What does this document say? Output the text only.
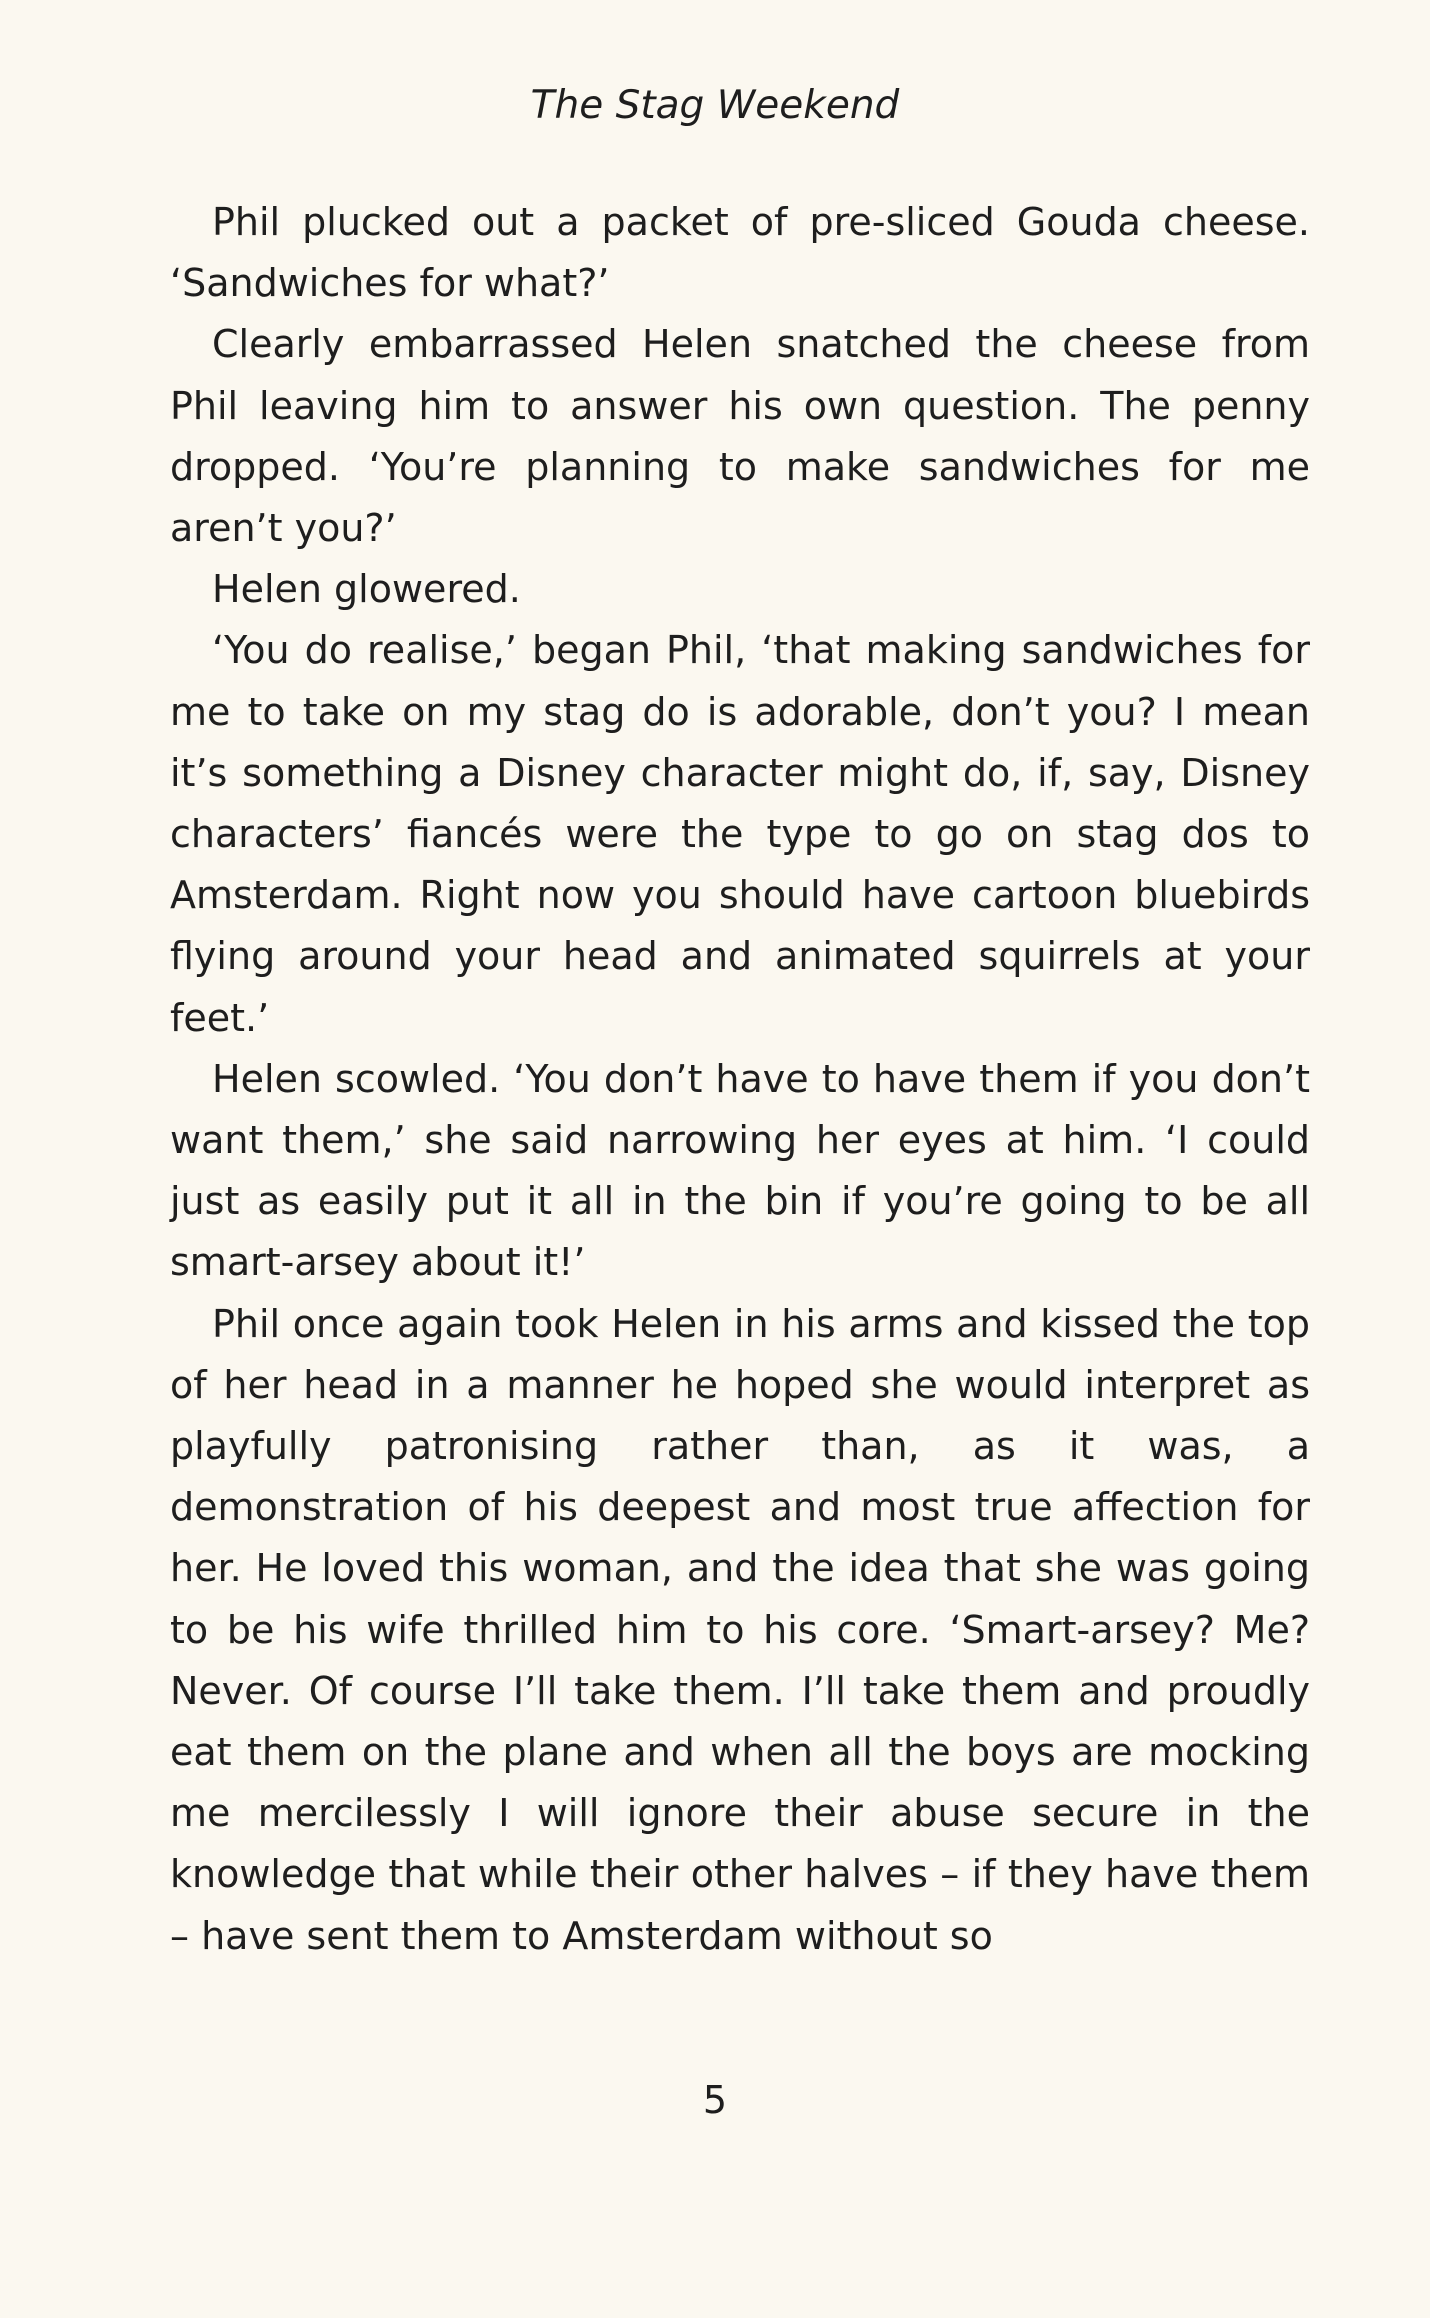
The Stag Weekend

Phil plucked out a packet of pre-sliced Gouda cheese. ‘Sandwiches for what?’

Clearly embarrassed Helen snatched the cheese from Phil leaving him to answer his own question. The penny dropped. ‘You’re planning to make sandwiches for me aren’t you?’

Helen glowered.

‘You do realise,’ began Phil, ‘that making sandwiches for me to take on my stag do is adorable, don’t you? I mean it’s something a Disney character might do, if, say, Disney characters’ fiancés were the type to go on stag dos to Amsterdam. Right now you should have cartoon bluebirds flying around your head and animated squirrels at your feet.’

Helen scowled. ‘You don’t have to have them if you don’t want them,’ she said narrowing her eyes at him. ‘I could just as easily put it all in the bin if you’re going to be all smart-arsey about it!’

Phil once again took Helen in his arms and kissed the top of her head in a manner he hoped she would interpret as playfully patronising rather than, as it was, a demonstration of his deepest and most true affection for her. He loved this woman, and the idea that she was going to be his wife thrilled him to his core. ‘Smart-arsey? Me? Never. Of course I’ll take them. I’ll take them and proudly eat them on the plane and when all the boys are mocking me mercilessly I will ignore their abuse secure in the knowledge that while their other halves – if they have them – have sent them to Amsterdam without so

5
